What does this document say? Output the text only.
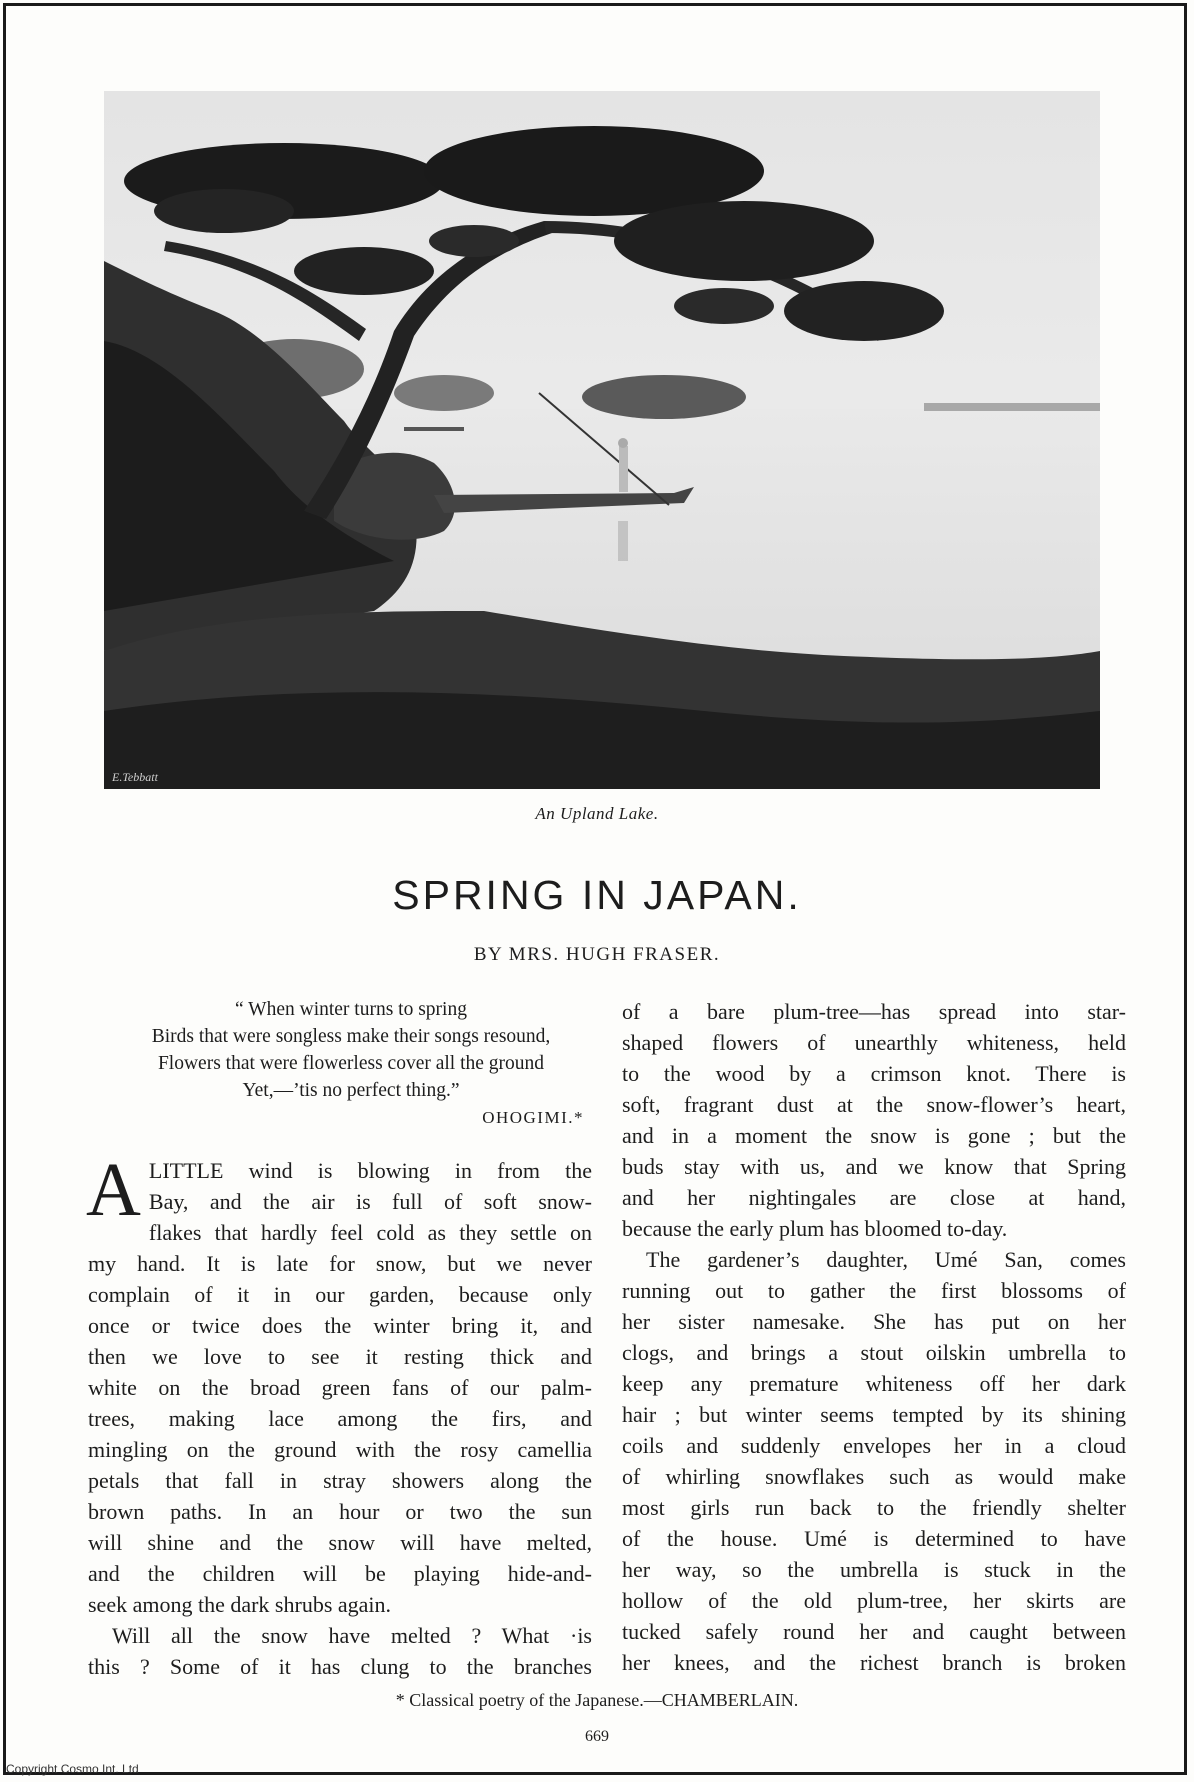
E.Tebbatt
An Upland Lake.
SPRING IN JAPAN.
BY MRS. HUGH FRASER.
“ When winter turns to spring
Birds that were songless make their songs resound,
Flowers that were flowerless cover all the ground
Yet,—’tis no perfect thing.”
OHOGIMI.*
A LITTLE wind is blowing in from the
Bay, and the air is full of soft snow-
flakes that hardly feel cold as they settle on
my hand. It is late for snow, but we never
complain of it in our garden, because only
once or twice does the winter bring it, and
then we love to see it resting thick and
white on the broad green fans of our palm-
trees, making lace among the firs, and
mingling on the ground with the rosy camellia
petals that fall in stray showers along the
brown paths. In an hour or two the sun
will shine and the snow will have melted,
and the children will be playing hide-and-
seek among the dark shrubs again.
Will all the snow have melted ? What ·is
this ? Some of it has clung to the branches
of a bare plum-tree—has spread into star-
shaped flowers of unearthly whiteness, held
to the wood by a crimson knot. There is
soft, fragrant dust at the snow-flower’s heart,
and in a moment the snow is gone ; but the
buds stay with us, and we know that Spring
and her nightingales are close at hand,
because the early plum has bloomed to-day.
The gardener’s daughter, Umé San, comes
running out to gather the first blossoms of
her sister namesake. She has put on her
clogs, and brings a stout oilskin umbrella to
keep any premature whiteness off her dark
hair ; but winter seems tempted by its shining
coils and suddenly envelopes her in a cloud
of whirling snowflakes such as would make
most girls run back to the friendly shelter
of the house. Umé is determined to have
her way, so the umbrella is stuck in the
hollow of the old plum-tree, her skirts are
tucked safely round her and caught between
her knees, and the richest branch is broken
* Classical poetry of the Japanese.—CHAMBERLAIN.
669
Copyright Cosmo Int. Ltd
